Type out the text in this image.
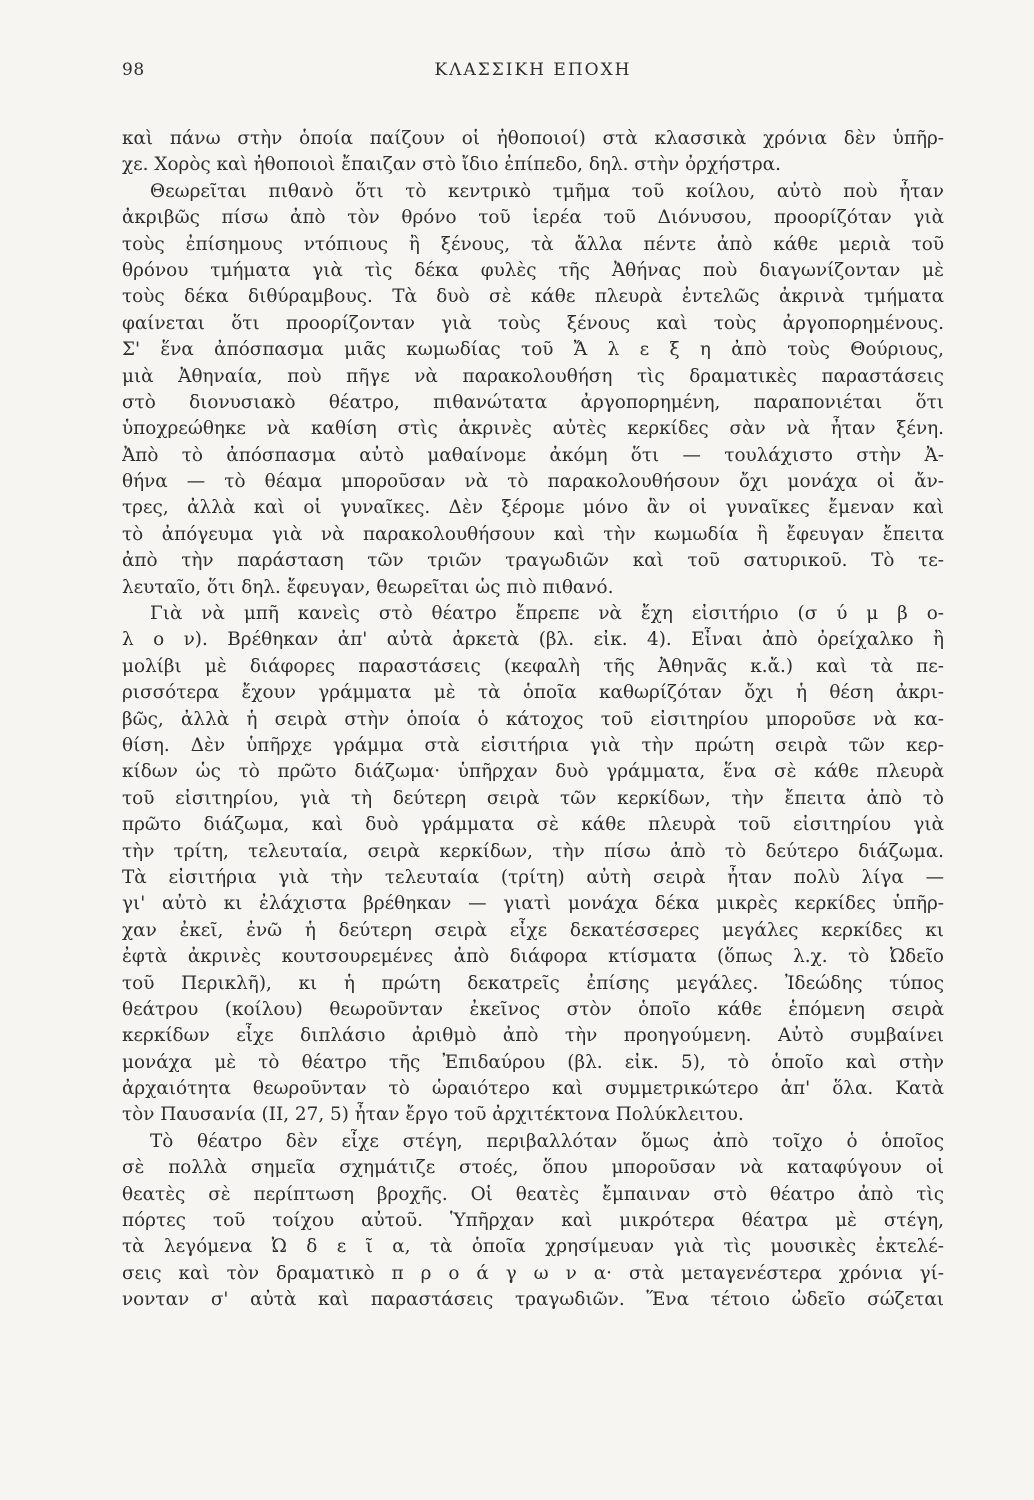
98	ΚΛΑΣΣΙΚΗ ΕΠΟΧΗ
καὶ πάνω στὴν ὁποία παίζουν οἱ ἠθοποιοί) στὰ κλασσικὰ χρόνια δὲν ὑπῆρ-
χε. Χορὸς καὶ ἠθοποιοὶ ἔπαιζαν στὸ ἴδιο ἐπίπεδο, δηλ. στὴν ὀρχήστρα.
Θεωρεῖται πιθανὸ ὅτι τὸ κεντρικὸ τμῆμα τοῦ κοίλου, αὐτὸ ποὺ ἦταν
ἀκριβῶς πίσω ἀπὸ τὸν θρόνο τοῦ ἱερέα τοῦ Διόνυσου, προορίζόταν γιὰ
τοὺς ἐπίσημους ντόπιους ἢ ξένους, τὰ ἄλλα πέντε ἀπὸ κάθε μεριὰ τοῦ
θρόνου τμήματα γιὰ τὶς δέκα φυλὲς τῆς Ἀθήνας ποὺ διαγωνίζονταν μὲ
τοὺς δέκα διθύραμβους. Τὰ δυὸ σὲ κάθε πλευρὰ ἐντελῶς ἀκρινὰ τμήματα
φαίνεται ὅτι προορίζονταν γιὰ τοὺς ξένους καὶ τοὺς ἀργοπορημένους.
Σ' ἕνα ἀπόσπασμα μιᾶς κωμωδίας τοῦ Ἄ λ ε ξ η ἀπὸ τοὺς Θούριους,
μιὰ Ἀθηναία, ποὺ πῆγε νὰ παρακολουθήση τὶς δραματικὲς παραστάσεις
στὸ διονυσιακὸ θέατρο, πιθανώτατα ἀργοπορημένη, παραπονιέται ὅτι
ὑποχρεώθηκε νὰ καθίση στὶς ἀκρινὲς αὐτὲς κερκίδες σὰν νὰ ἦταν ξένη.
Ἀπὸ τὸ ἀπόσπασμα αὐτὸ μαθαίνομε ἀκόμη ὅτι — τουλάχιστο στὴν Ἀ-
θήνα — τὸ θέαμα μποροῦσαν νὰ τὸ παρακολουθήσουν ὄχι μονάχα οἱ ἄν-
τρες, ἀλλὰ καὶ οἱ γυναῖκες. Δὲν ξέρομε μόνο ἂν οἱ γυναῖκες ἔμεναν καὶ
τὸ ἀπόγευμα γιὰ νὰ παρακολουθήσουν καὶ τὴν κωμωδία ἢ ἔφευγαν ἔπειτα
ἀπὸ τὴν παράσταση τῶν τριῶν τραγωδιῶν καὶ τοῦ σατυρικοῦ. Τὸ τε-
λευταῖο, ὅτι δηλ. ἔφευγαν, θεωρεῖται ὡς πιὸ πιθανό.
Γιὰ νὰ μπῆ κανεὶς στὸ θέατρο ἔπρεπε νὰ ἔχη εἰσιτήριο (σ ύ μ β ο-
λ ο ν). Βρέθηκαν ἀπ' αὐτὰ ἀρκετὰ (βλ. εἰκ. 4). Εἶναι ἀπὸ ὀρείχαλκο ἢ
μολίβι μὲ διάφορες παραστάσεις (κεφαλὴ τῆς Ἀθηνᾶς κ.ἄ.) καὶ τὰ πε-
ρισσότερα ἔχουν γράμματα μὲ τὰ ὁποῖα καθωρίζόταν ὄχι ἡ θέση ἀκρι-
βῶς, ἀλλὰ ἡ σειρὰ στὴν ὁποία ὁ κάτοχος τοῦ εἰσιτηρίου μποροῦσε νὰ κα-
θίση. Δὲν ὑπῆρχε γράμμα στὰ εἰσιτήρια γιὰ τὴν πρώτη σειρὰ τῶν κερ-
κίδων ὡς τὸ πρῶτο διάζωμα· ὑπῆρχαν δυὸ γράμματα, ἕνα σὲ κάθε πλευρὰ
τοῦ εἰσιτηρίου, γιὰ τὴ δεύτερη σειρὰ τῶν κερκίδων, τὴν ἔπειτα ἀπὸ τὸ
πρῶτο διάζωμα, καὶ δυὸ γράμματα σὲ κάθε πλευρὰ τοῦ εἰσιτηρίου γιὰ
τὴν τρίτη, τελευταία, σειρὰ κερκίδων, τὴν πίσω ἀπὸ τὸ δεύτερο διάζωμα.
Τὰ εἰσιτήρια γιὰ τὴν τελευταία (τρίτη) αὐτὴ σειρὰ ἦταν πολὺ λίγα —
γι' αὐτὸ κι ἐλάχιστα βρέθηκαν — γιατὶ μονάχα δέκα μικρὲς κερκίδες ὑπῆρ-
χαν ἐκεῖ, ἐνῶ ἡ δεύτερη σειρὰ εἶχε δεκατέσσερες μεγάλες κερκίδες κι
ἐφτὰ ἀκρινὲς κουτσουρεμένες ἀπὸ διάφορα κτίσματα (ὅπως λ.χ. τὸ Ὠδεῖο
τοῦ Περικλῆ), κι ἡ πρώτη δεκατρεῖς ἐπίσης μεγάλες. Ἰδεώδης τύπος
θεάτρου (κοίλου) θεωροῦνταν ἐκεῖνος στὸν ὁποῖο κάθε ἑπόμενη σειρὰ
κερκίδων εἶχε διπλάσιο ἀριθμὸ ἀπὸ τὴν προηγούμενη. Αὐτὸ συμβαίνει
μονάχα μὲ τὸ θέατρο τῆς Ἐπιδαύρου (βλ. εἰκ. 5), τὸ ὁποῖο καὶ στὴν
ἀρχαιότητα θεωροῦνταν τὸ ὡραιότερο καὶ συμμετρικώτερο ἀπ' ὅλα. Κατὰ
τὸν Παυσανία (ΙΙ, 27, 5) ἦταν ἔργο τοῦ ἀρχιτέκτονα Πολύκλειτου.
Τὸ θέατρο δὲν εἶχε στέγη, περιβαλλόταν ὅμως ἀπὸ τοῖχο ὁ ὁποῖος
σὲ πολλὰ σημεῖα σχημάτιζε στοές, ὅπου μποροῦσαν νὰ καταφύγουν οἱ
θεατὲς σὲ περίπτωση βροχῆς. Οἱ θεατὲς ἔμπαιναν στὸ θέατρο ἀπὸ τὶς
πόρτες τοῦ τοίχου αὐτοῦ. Ὑπῆρχαν καὶ μικρότερα θέατρα μὲ στέγη,
τὰ λεγόμενα Ὠ δ ε ῖ α, τὰ ὁποῖα χρησίμευαν γιὰ τὶς μουσικὲς ἐκτελέ-
σεις καὶ τὸν δραματικὸ π ρ ο ά γ ω ν α· στὰ μεταγενέστερα χρόνια γί-
νονταν σ' αὐτὰ καὶ παραστάσεις τραγωδιῶν. Ἕνα τέτοιο ὠδεῖο σώζεται
